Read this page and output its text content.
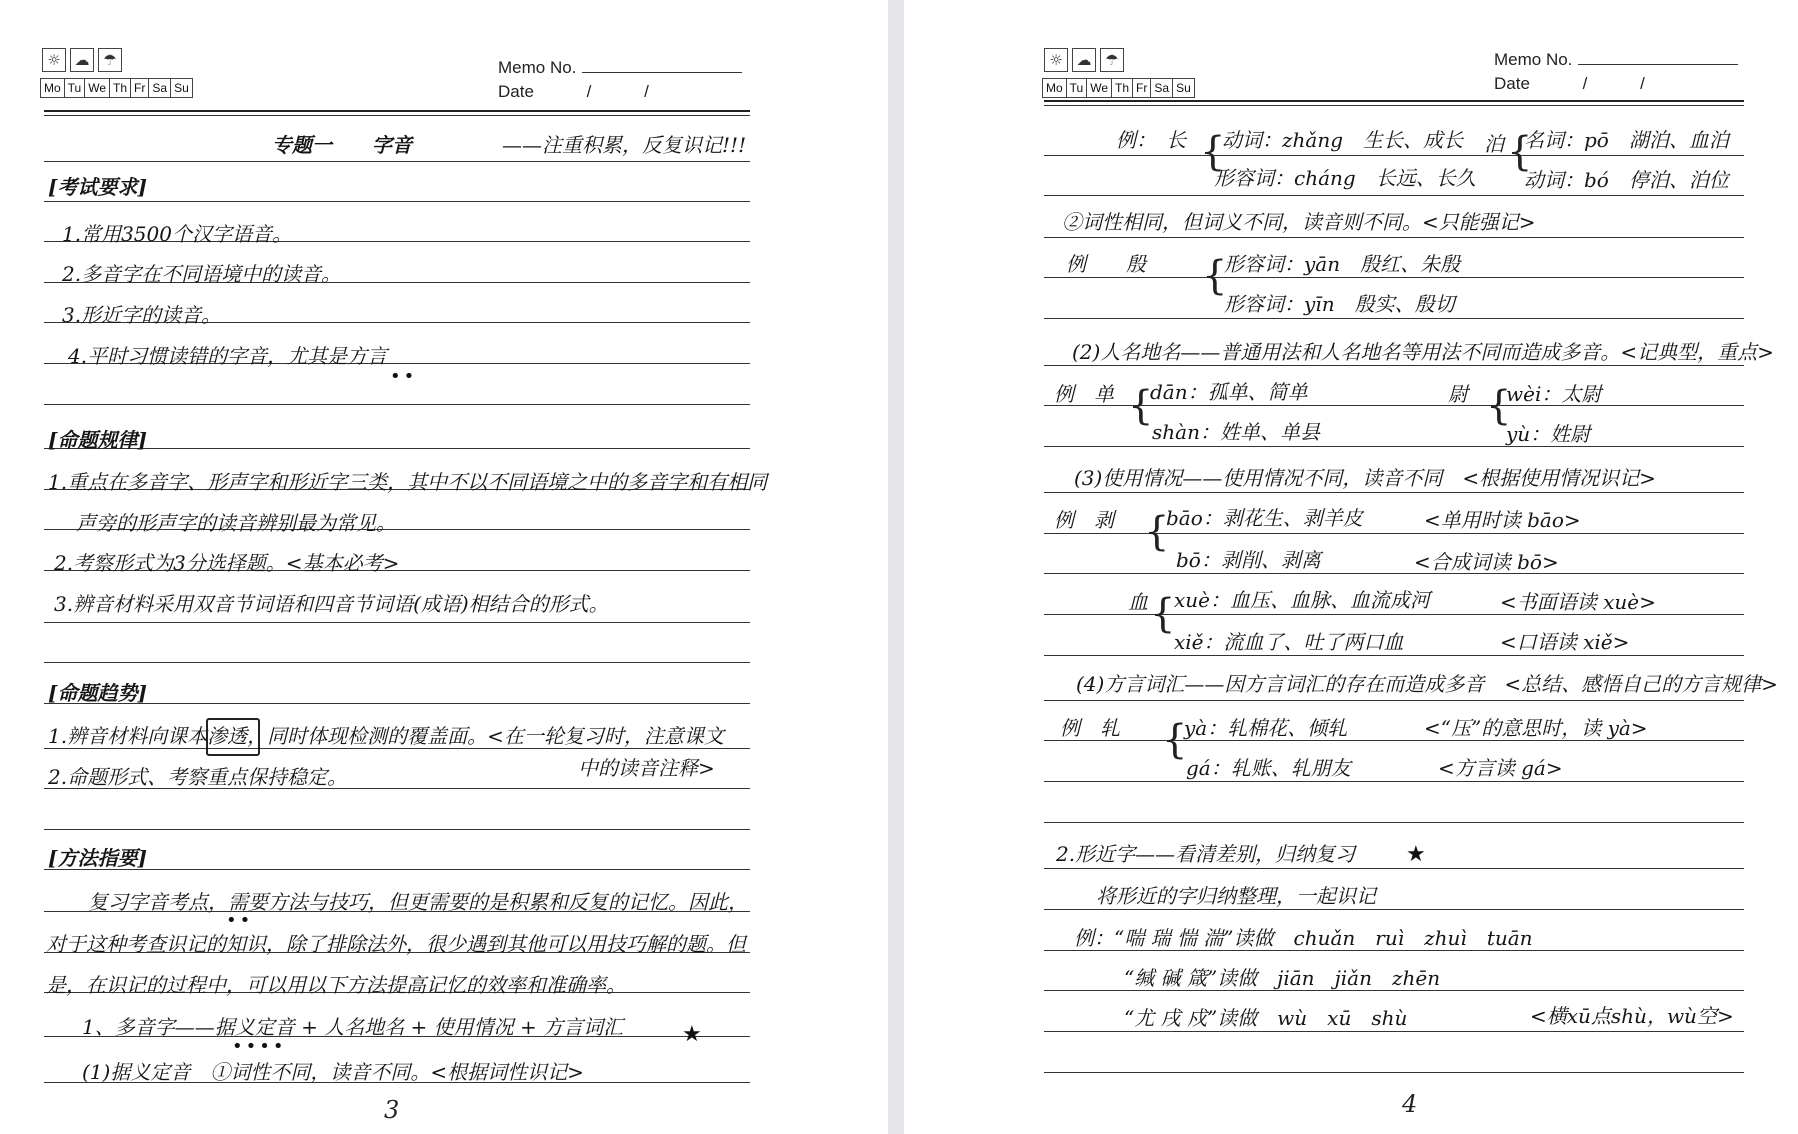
☼ ☁ ☂
Mo Tu We Th Fr Sa Su
Memo No.
Date	/	/
专题一　　字音	——注重积累，反复识记!!!
[考试要求]
1.常用3500个汉字语音。
2.多音字在不同语境中的读音。
3.形近字的读音。
4.平时习惯读错的字音，尤其是方言
••
[命题规律]
1.重点在多音字、形声字和形近字三类，其中不以不同语境之中的多音字和有相同
声旁的形声字的读音辨别最为常见。
2.考察形式为3分选择题。<基本必考>
3.辨音材料采用双音节词语和四音节词语(成语)相结合的形式。
[命题趋势]
1.辨音材料向课本渗透，同时体现检测的覆盖面。<在一轮复习时，注意课文
2.命题形式、考察重点保持稳定。	中的读音注释>
[方法指要]
复习字音考点，需要方法与技巧，但更需要的是积累和反复的记忆。因此，
••
对于这种考查识记的知识，除了排除法外，很少遇到其他可以用技巧解的题。但
是，在识记的过程中，可以用以下方法提高记忆的效率和准确率。
1、多音字——据义定音 + 人名地名 + 使用情况 + 方言词汇
••••	★
(1)据义定音　①词性不同，读音不同。<根据词性识记>
3
☼ ☁ ☂
Mo Tu We Th Fr Sa Su
Memo No.
Date	/	/
例：　长 {
动词：zhǎng　生长、成长
形容词：cháng　长远、长久
泊 {
名词：pō　湖泊、血泊
动词：bó　停泊、泊位
②词性相同，但词义不同，读音则不同。<只能强记>
例　　殷 {
形容词：yān　殷红、朱殷
形容词：yīn　殷实、殷切
(2)人名地名——普通用法和人名地名等用法不同而造成多音。<记典型，重点>
例　单 {
dān：孤单、简单
shàn：姓单、单县
尉 {
wèi：太尉
yù：姓尉
(3)使用情况——使用情况不同，读音不同　<根据使用情况识记>
例　剥 {
bāo：剥花生、剥羊皮	<单用时读 bāo>
bō：剥削、剥离	<合成词读 bō>
血 {
xuè：血压、血脉、血流成河	<书面语读 xuè>
xiě：流血了、吐了两口血	<口语读 xiě>
(4)方言词汇——因方言词汇的存在而造成多音　<总结、感悟自己的方言规律>
例　轧 {
yà：轧棉花、倾轧	<“压”的意思时，读 yà>
gá：轧账、轧朋友	<方言读 gá>
2.形近字——看清差别，归纳复习 ★
将形近的字归纳整理，一起识记
例：“喘 瑞 惴 湍”读做　chuǎn　ruì　zhuì　tuān
“缄 碱 箴”读做　jiān　jiǎn　zhēn
“尤 戌 戍”读做　wù　xū　shù	<横xū点shù，wù空>
4
